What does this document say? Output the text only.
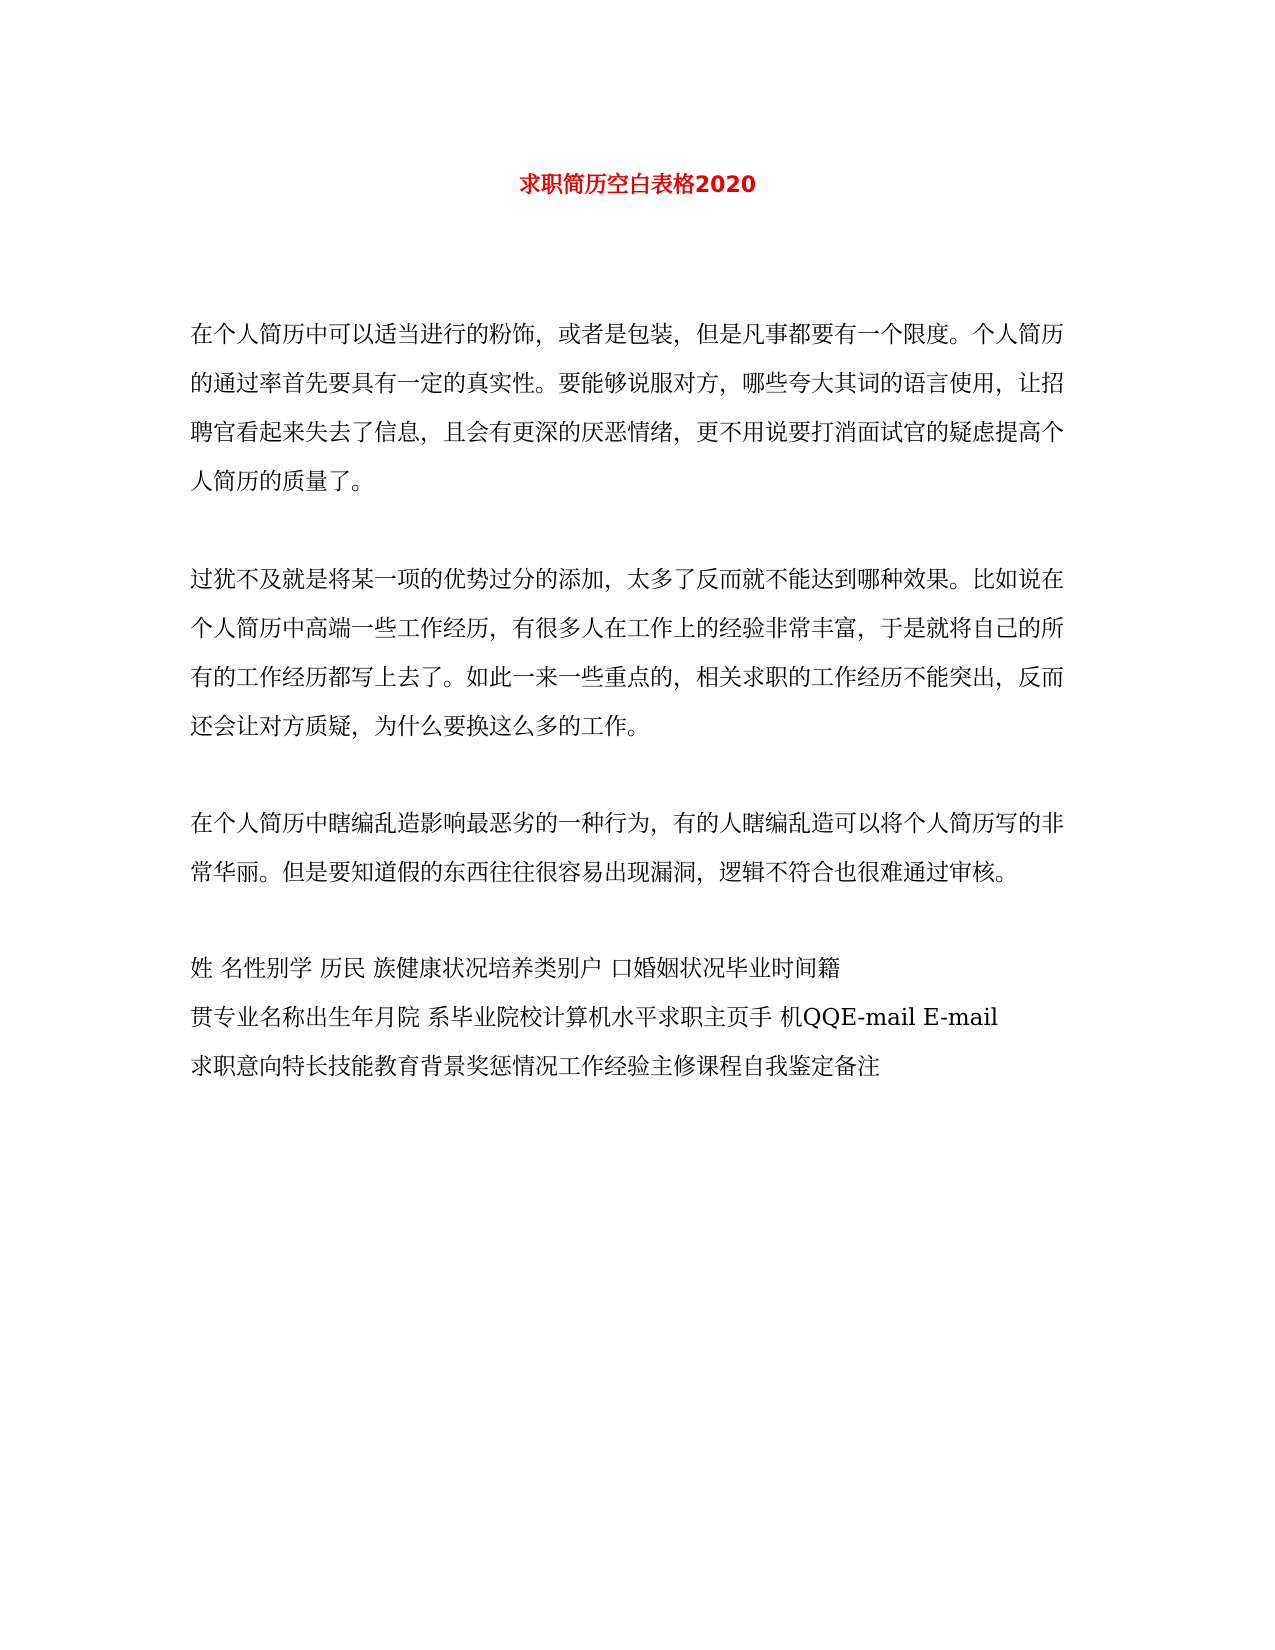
求职简历空白表格2020

在个人简历中可以适当进行的粉饰，或者是包装，但是凡事都要有一个限度。个人简历的通过率首先要具有一定的真实性。要能够说服对方，哪些夸大其词的语言使用，让招聘官看起来失去了信息，且会有更深的厌恶情绪，更不用说要打消面试官的疑虑提高个人简历的质量了。

过犹不及就是将某一项的优势过分的添加，太多了反而就不能达到哪种效果。比如说在个人简历中高端一些工作经历，有很多人在工作上的经验非常丰富，于是就将自己的所有的工作经历都写上去了。如此一来一些重点的，相关求职的工作经历不能突出，反而还会让对方质疑，为什么要换这么多的工作。

在个人简历中瞎编乱造影响最恶劣的一种行为，有的人瞎编乱造可以将个人简历写的非常华丽。但是要知道假的东西往往很容易出现漏洞，逻辑不符合也很难通过审核。

姓 名性别学 历民 族健康状况培养类别户 口婚姻状况毕业时间籍
贯专业名称出生年月院 系毕业院校计算机水平求职主页手 机QQE-mail E-mail
求职意向特长技能教育背景奖惩情况工作经验主修课程自我鉴定备注
